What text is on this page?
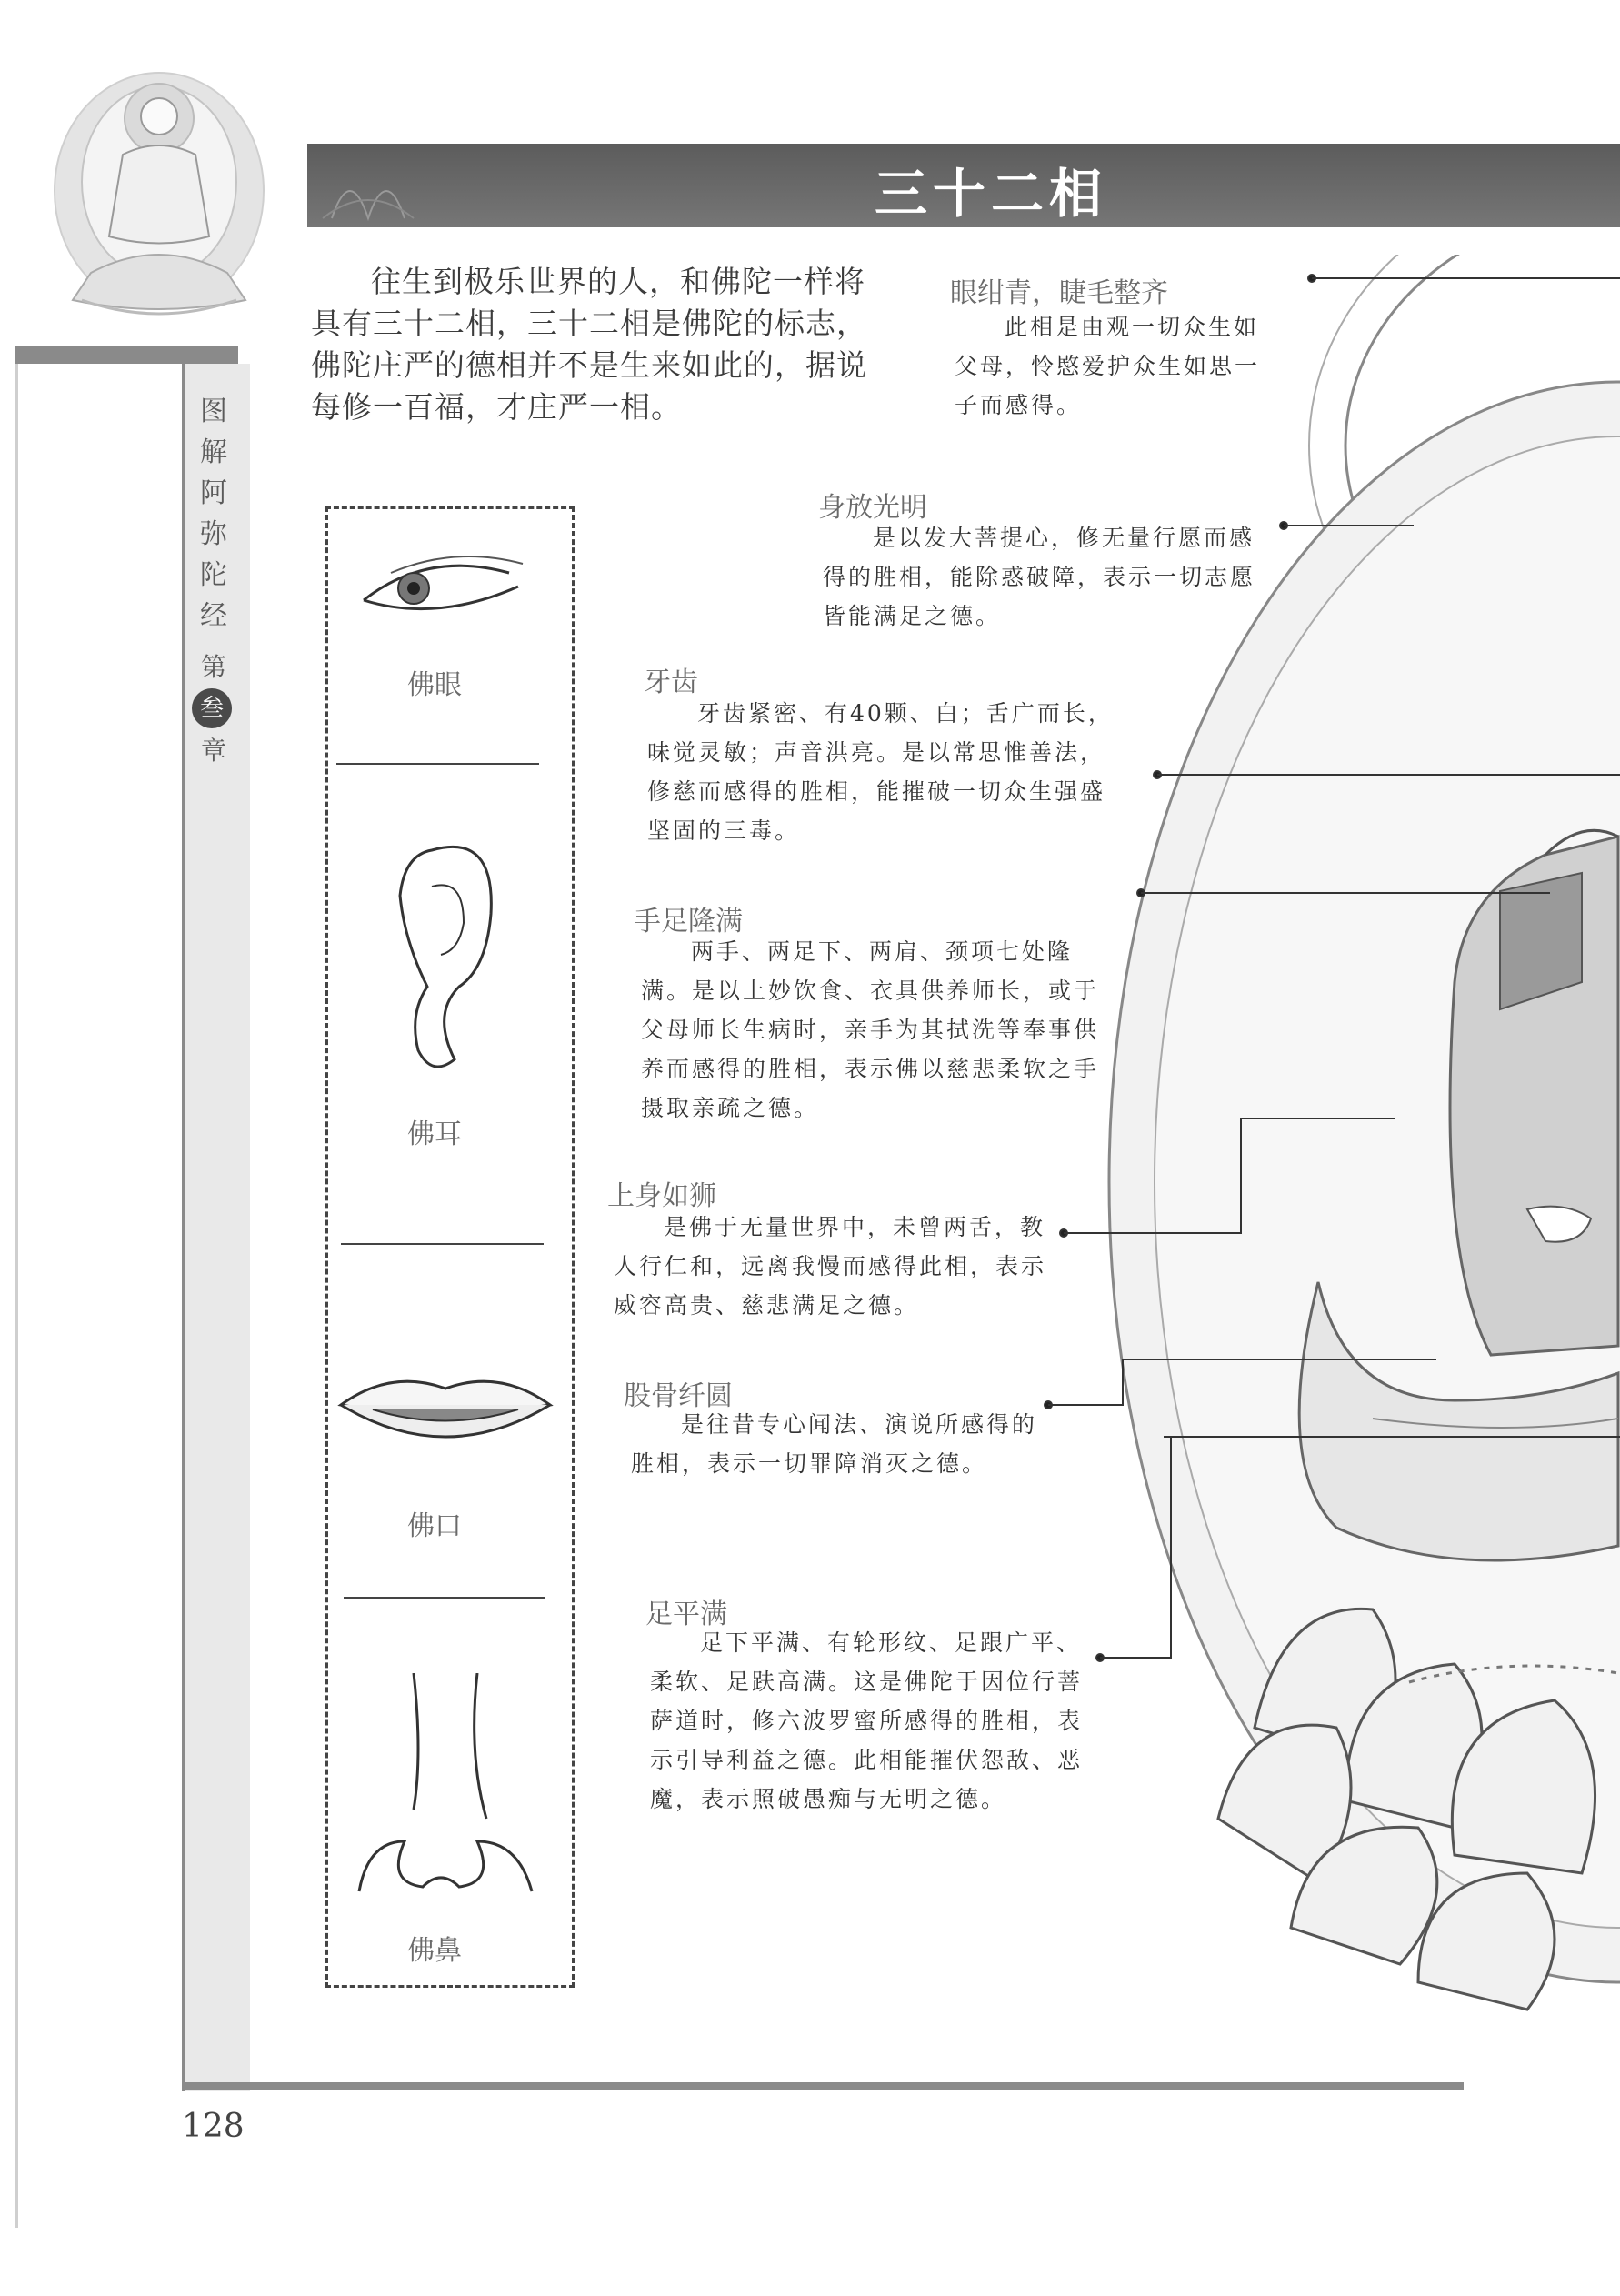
图解阿弥陀经
第
叁
章
三十二相
往生到极乐世界的人，和佛陀一样将具有三十二相，三十二相是佛陀的标志，佛陀庄严的德相并不是生来如此的，据说每修一百福，才庄严一相。
佛眼
佛耳
佛口
佛鼻
眼绀青，睫毛整齐
此相是由观一切众生如父母，怜愍爱护众生如思一子而感得。
身放光明
是以发大菩提心，修无量行愿而感得的胜相，能除惑破障，表示一切志愿皆能满足之德。
牙齿
牙齿紧密、有40颗、白；舌广而长，味觉灵敏；声音洪亮。是以常思惟善法，修慈而感得的胜相，能摧破一切众生强盛坚固的三毒。
手足隆满
两手、两足下、两肩、颈项七处隆满。是以上妙饮食、衣具供养师长，或于父母师长生病时，亲手为其拭洗等奉事供养而感得的胜相，表示佛以慈悲柔软之手摄取亲疏之德。
上身如狮
是佛于无量世界中，未曾两舌，教人行仁和，远离我慢而感得此相，表示威容高贵、慈悲满足之德。
股骨纤圆
是往昔专心闻法、演说所感得的胜相，表示一切罪障消灭之德。
足平满
足下平满、有轮形纹、足跟广平、柔软、足趺高满。这是佛陀于因位行菩萨道时，修六波罗蜜所感得的胜相，表示引导利益之德。此相能摧伏怨敌、恶魔，表示照破愚痴与无明之德。
128
